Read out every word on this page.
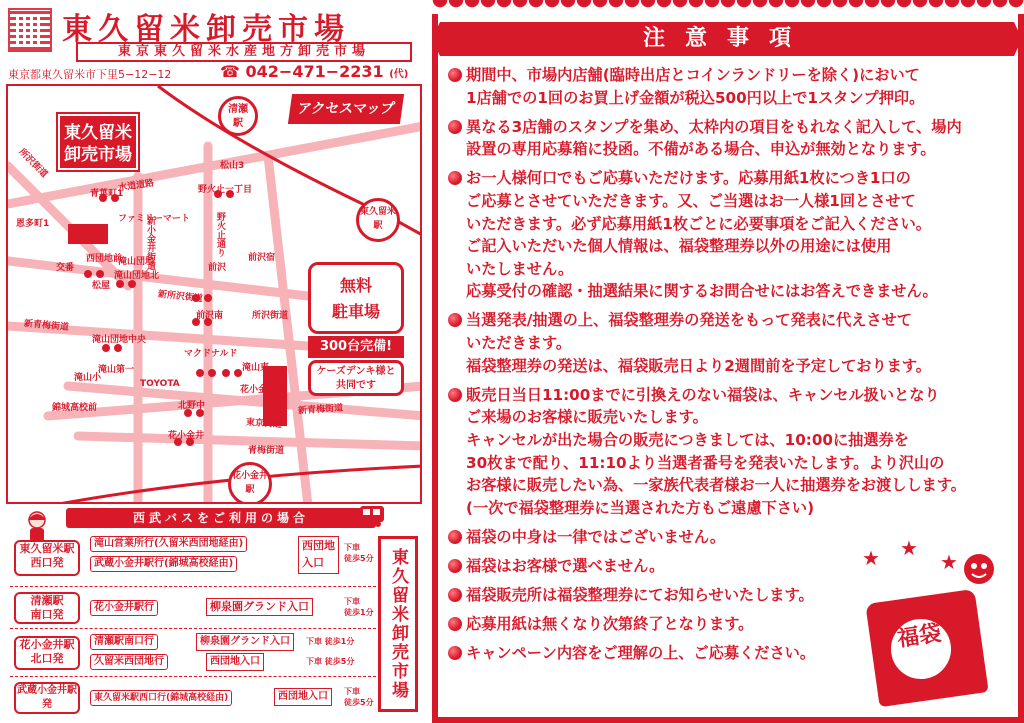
東久留米卸売市場
東京東久留米水産地方卸売市場
東京都東久留米市下里5−12−12	☎ 042−471−2231 (代)
アクセスマップ
東久留米
卸売市場
清瀬
駅
東久留米
駅
花小金井
駅
所沢街道
水道道路
新所沢街道
所沢街道
新青梅街道
新青梅街道
東京街道
青梅街道
青葉町1
ファミリーマート
野火止一丁目
恩多町1
西団地前
交番
滝山団地
松屋
滝山団地北
新小金井街道	野火止通り
松山3
前沢
前沢南
前沢宿
滝山団地中央
滝山第一
滝山小
マクドナルド
滝山東
花小金井北
TOYOTA
錦城高校前	北野中
花小金井
無料
駐車場
300台完備!
ケーズデンキ様と
共同です
西武バスをご利用の場合
東久留米卸売市場
東久留米駅
西口発
滝山営業所行(久留米西団地経由)
武蔵小金井駅行(錦城高校経由)
西団地
入口
下車
徒歩5分
清瀬駅
南口発
花小金井駅行	柳泉園グランド入口	下車
徒歩1分
花小金井駅
北口発
清瀬駅南口行	柳泉園グランド入口	下車 徒歩1分
久留米西団地行	西団地入口	下車 徒歩5分
武蔵小金井駅
発
東久留米駅西口行(錦城高校経由)	西団地入口	下車
徒歩5分
注意事項
期間中、市場内店舗(臨時出店とコインランドリーを除く)において
1店舗での1回のお買上げ金額が税込500円以上で1スタンプ押印。
異なる3店舗のスタンプを集め、太枠内の項目をもれなく記入して、場内
設置の専用応募箱に投函。不備がある場合、申込が無効となります。
お一人様何口でもご応募いただけます。応募用紙1枚につき1口の
ご応募とさせていただきます。又、ご当選はお一人様1回とさせて
いただきます。必ず応募用紙1枚ごとに必要事項をご記入ください。
ご記入いただいた個人情報は、福袋整理券以外の用途には使用
いたしません。
応募受付の確認・抽選結果に関するお問合せにはお答えできません。
当選発表/抽選の上、福袋整理券の発送をもって発表に代えさせて
いただきます。
福袋整理券の発送は、福袋販売日より2週間前を予定しております。
販売日当日11:00までに引換えのない福袋は、キャンセル扱いとなり
ご来場のお客様に販売いたします。
キャンセルが出た場合の販売につきましては、10:00に抽選券を
30枚まで配り、11:10より当選者番号を発表いたします。より沢山の
お客様に販売したい為、一家族代表者様お一人に抽選券をお渡しします。
(一次で福袋整理券に当選された方もご遠慮下さい)
福袋の中身は一律ではございません。
福袋はお客様で選べません。
福袋販売所は福袋整理券にてお知らせいたします。
応募用紙は無くなり次第終了となります。
キャンペーン内容をご理解の上、ご応募ください。
★ ★
★
福袋
